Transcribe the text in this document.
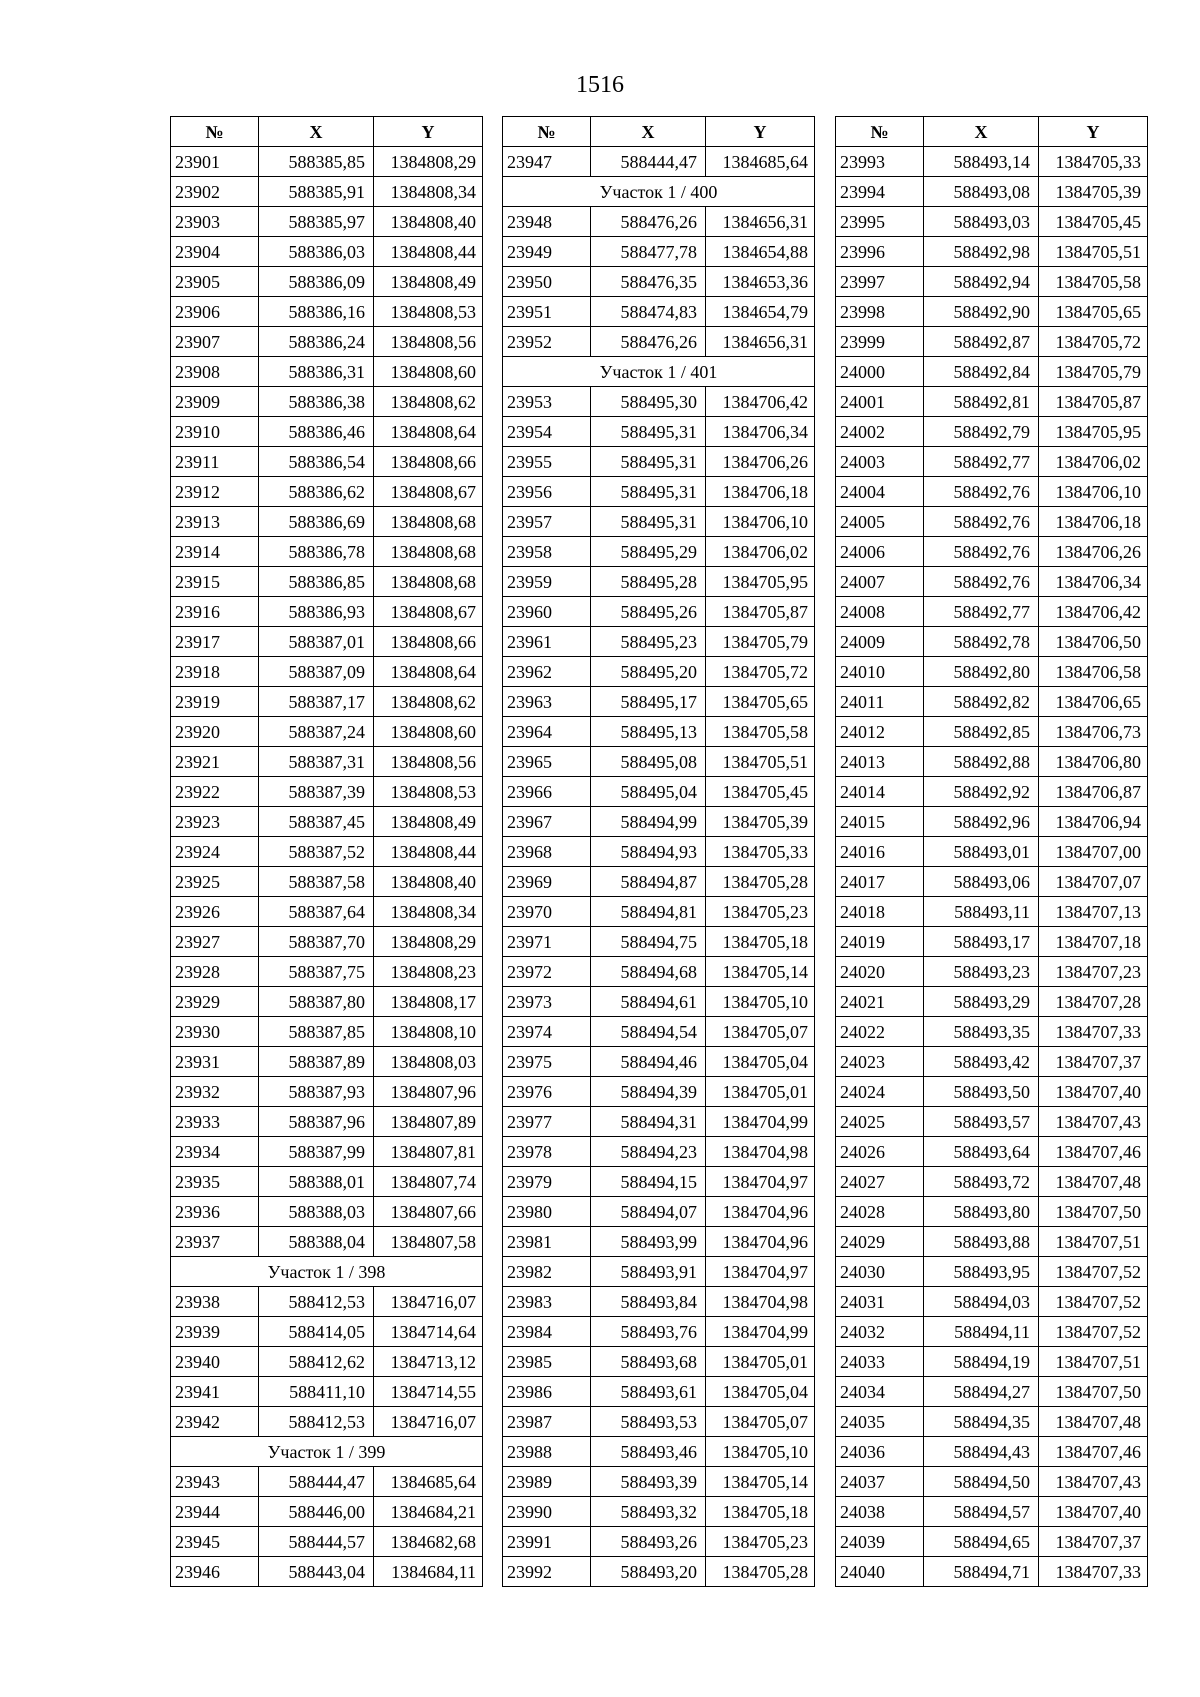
1516
№	X	Y
23901	588385,85	1384808,29
23902	588385,91	1384808,34
23903	588385,97	1384808,40
23904	588386,03	1384808,44
23905	588386,09	1384808,49
23906	588386,16	1384808,53
23907	588386,24	1384808,56
23908	588386,31	1384808,60
23909	588386,38	1384808,62
23910	588386,46	1384808,64
23911	588386,54	1384808,66
23912	588386,62	1384808,67
23913	588386,69	1384808,68
23914	588386,78	1384808,68
23915	588386,85	1384808,68
23916	588386,93	1384808,67
23917	588387,01	1384808,66
23918	588387,09	1384808,64
23919	588387,17	1384808,62
23920	588387,24	1384808,60
23921	588387,31	1384808,56
23922	588387,39	1384808,53
23923	588387,45	1384808,49
23924	588387,52	1384808,44
23925	588387,58	1384808,40
23926	588387,64	1384808,34
23927	588387,70	1384808,29
23928	588387,75	1384808,23
23929	588387,80	1384808,17
23930	588387,85	1384808,10
23931	588387,89	1384808,03
23932	588387,93	1384807,96
23933	588387,96	1384807,89
23934	588387,99	1384807,81
23935	588388,01	1384807,74
23936	588388,03	1384807,66
23937	588388,04	1384807,58
Участок 1 / 398		
23938	588412,53	1384716,07
23939	588414,05	1384714,64
23940	588412,62	1384713,12
23941	588411,10	1384714,55
23942	588412,53	1384716,07
Участок 1 / 399		
23943	588444,47	1384685,64
23944	588446,00	1384684,21
23945	588444,57	1384682,68
23946	588443,04	1384684,11
№	X	Y
23947	588444,47	1384685,64
Участок 1 / 400		
23948	588476,26	1384656,31
23949	588477,78	1384654,88
23950	588476,35	1384653,36
23951	588474,83	1384654,79
23952	588476,26	1384656,31
Участок 1 / 401		
23953	588495,30	1384706,42
23954	588495,31	1384706,34
23955	588495,31	1384706,26
23956	588495,31	1384706,18
23957	588495,31	1384706,10
23958	588495,29	1384706,02
23959	588495,28	1384705,95
23960	588495,26	1384705,87
23961	588495,23	1384705,79
23962	588495,20	1384705,72
23963	588495,17	1384705,65
23964	588495,13	1384705,58
23965	588495,08	1384705,51
23966	588495,04	1384705,45
23967	588494,99	1384705,39
23968	588494,93	1384705,33
23969	588494,87	1384705,28
23970	588494,81	1384705,23
23971	588494,75	1384705,18
23972	588494,68	1384705,14
23973	588494,61	1384705,10
23974	588494,54	1384705,07
23975	588494,46	1384705,04
23976	588494,39	1384705,01
23977	588494,31	1384704,99
23978	588494,23	1384704,98
23979	588494,15	1384704,97
23980	588494,07	1384704,96
23981	588493,99	1384704,96
23982	588493,91	1384704,97
23983	588493,84	1384704,98
23984	588493,76	1384704,99
23985	588493,68	1384705,01
23986	588493,61	1384705,04
23987	588493,53	1384705,07
23988	588493,46	1384705,10
23989	588493,39	1384705,14
23990	588493,32	1384705,18
23991	588493,26	1384705,23
23992	588493,20	1384705,28
№	X	Y
23993	588493,14	1384705,33
23994	588493,08	1384705,39
23995	588493,03	1384705,45
23996	588492,98	1384705,51
23997	588492,94	1384705,58
23998	588492,90	1384705,65
23999	588492,87	1384705,72
24000	588492,84	1384705,79
24001	588492,81	1384705,87
24002	588492,79	1384705,95
24003	588492,77	1384706,02
24004	588492,76	1384706,10
24005	588492,76	1384706,18
24006	588492,76	1384706,26
24007	588492,76	1384706,34
24008	588492,77	1384706,42
24009	588492,78	1384706,50
24010	588492,80	1384706,58
24011	588492,82	1384706,65
24012	588492,85	1384706,73
24013	588492,88	1384706,80
24014	588492,92	1384706,87
24015	588492,96	1384706,94
24016	588493,01	1384707,00
24017	588493,06	1384707,07
24018	588493,11	1384707,13
24019	588493,17	1384707,18
24020	588493,23	1384707,23
24021	588493,29	1384707,28
24022	588493,35	1384707,33
24023	588493,42	1384707,37
24024	588493,50	1384707,40
24025	588493,57	1384707,43
24026	588493,64	1384707,46
24027	588493,72	1384707,48
24028	588493,80	1384707,50
24029	588493,88	1384707,51
24030	588493,95	1384707,52
24031	588494,03	1384707,52
24032	588494,11	1384707,52
24033	588494,19	1384707,51
24034	588494,27	1384707,50
24035	588494,35	1384707,48
24036	588494,43	1384707,46
24037	588494,50	1384707,43
24038	588494,57	1384707,40
24039	588494,65	1384707,37
24040	588494,71	1384707,33
